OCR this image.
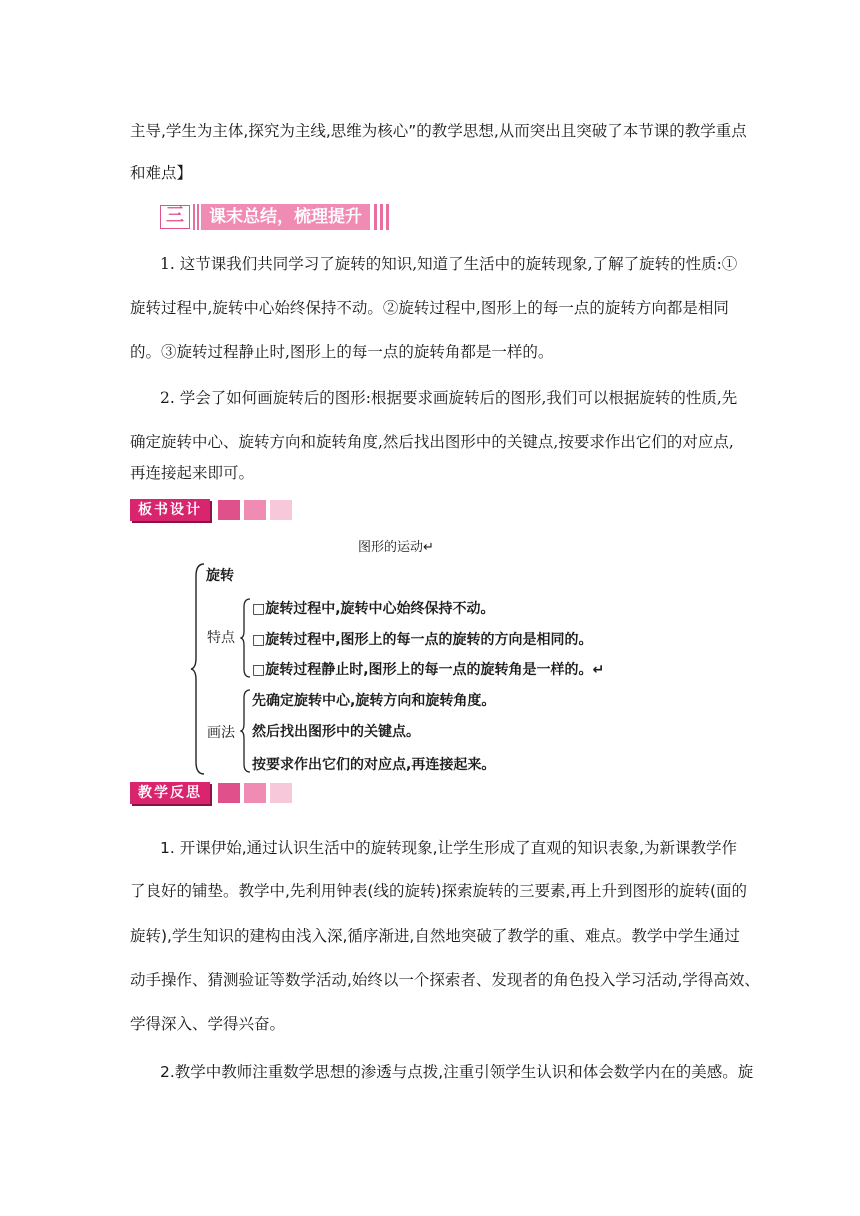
主导,学生为主体,探究为主线,思维为核心”的教学思想,从而突出且突破了本节课的教学重点
和难点】
三	课末总结，梳理提升
1. 这节课我们共同学习了旋转的知识,知道了生活中的旋转现象,了解了旋转的性质:①
旋转过程中,旋转中心始终保持不动。②旋转过程中,图形上的每一点的旋转方向都是相同
的。③旋转过程静止时,图形上的每一点的旋转角都是一样的。
2. 学会了如何画旋转后的图形:根据要求画旋转后的图形,我们可以根据旋转的性质,先
确定旋转中心、旋转方向和旋转角度,然后找出图形中的关键点,按要求作出它们的对应点,
再连接起来即可。
板书设计
图形的运动↵
旋转
特点
□旋转过程中,旋转中心始终保持不动。
□旋转过程中,图形上的每一点的旋转的方向是相同的。
□旋转过程静止时,图形上的每一点的旋转角是一样的。↵
画法
先确定旋转中心,旋转方向和旋转角度。
然后找出图形中的关键点。
按要求作出它们的对应点,再连接起来。
教学反思
1. 开课伊始,通过认识生活中的旋转现象,让学生形成了直观的知识表象,为新课教学作
了良好的铺垫。教学中,先利用钟表(线的旋转)探索旋转的三要素,再上升到图形的旋转(面的
旋转),学生知识的建构由浅入深,循序渐进,自然地突破了教学的重、难点。教学中学生通过
动手操作、猜测验证等数学活动,始终以一个探索者、发现者的角色投入学习活动,学得高效、
学得深入、学得兴奋。
2.教学中教师注重数学思想的渗透与点拨,注重引领学生认识和体会数学内在的美感。旋
